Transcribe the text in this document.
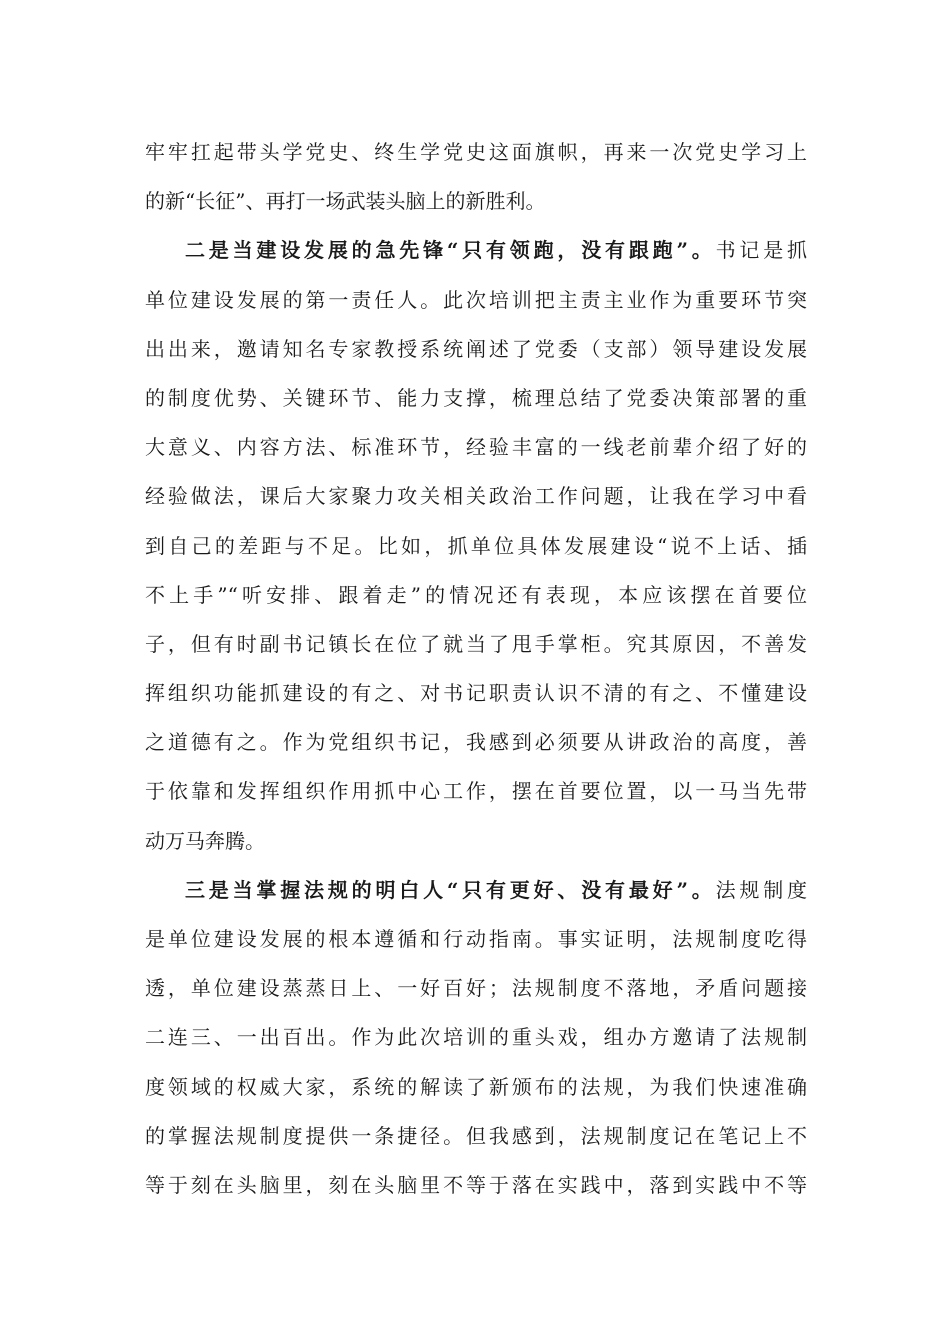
牢牢扛起带头学党史、终生学党史这面旗帜，再来一次党史学习上
的新“长征”、再打一场武装头脑上的新胜利。
二是当建设发展的急先锋“只有领跑，没有跟跑”。书记是抓
单位建设发展的第一责任人。此次培训把主责主业作为重要环节突
出出来，邀请知名专家教授系统阐述了党委（支部）领导建设发展
的制度优势、关键环节、能力支撑，梳理总结了党委决策部署的重
大意义、内容方法、标准环节，经验丰富的一线老前辈介绍了好的
经验做法，课后大家聚力攻关相关政治工作问题，让我在学习中看
到自己的差距与不足。比如，抓单位具体发展建设“说不上话、插
不上手”“听安排、跟着走”的情况还有表现，本应该摆在首要位
子，但有时副书记镇长在位了就当了甩手掌柜。究其原因，不善发
挥组织功能抓建设的有之、对书记职责认识不清的有之、不懂建设
之道德有之。作为党组织书记，我感到必须要从讲政治的高度，善
于依靠和发挥组织作用抓中心工作，摆在首要位置，以一马当先带
动万马奔腾。
三是当掌握法规的明白人“只有更好、没有最好”。法规制度
是单位建设发展的根本遵循和行动指南。事实证明，法规制度吃得
透，单位建设蒸蒸日上、一好百好；法规制度不落地，矛盾问题接
二连三、一出百出。作为此次培训的重头戏，组办方邀请了法规制
度领域的权威大家，系统的解读了新颁布的法规，为我们快速准确
的掌握法规制度提供一条捷径。但我感到，法规制度记在笔记上不
等于刻在头脑里，刻在头脑里不等于落在实践中，落到实践中不等
